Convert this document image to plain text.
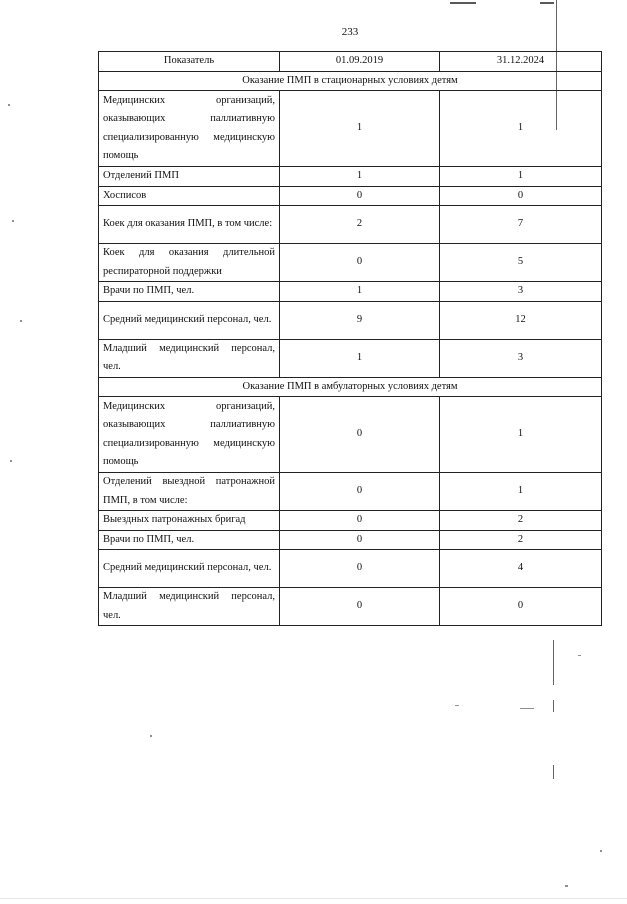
233
Показатель	01.09.2019	31.12.2024
Оказание ПМП в стационарных условиях детям		
Медицинских организаций, оказывающих паллиативную специализированную медицинскую помощь	1	1
Отделений ПМП	1	1
Хосписов	0	0
Коек для оказания ПМП, в том числе:	2	7
Коек для оказания длительной респираторной поддержки	0	5
Врачи по ПМП, чел.	1	3
Средний медицинский персонал, чел.	9	12
Младший медицинский персонал, чел.	1	3
Оказание ПМП в амбулаторных условиях детям		
Медицинских организаций, оказывающих паллиативную специализированную медицинскую помощь	0	1
Отделений выездной патронажной ПМП, в том числе:	0	1
Выездных патронажных бригад	0	2
Врачи по ПМП, чел.	0	2
Средний медицинский персонал, чел.	0	4
Младший медицинский персонал, чел.	0	0
